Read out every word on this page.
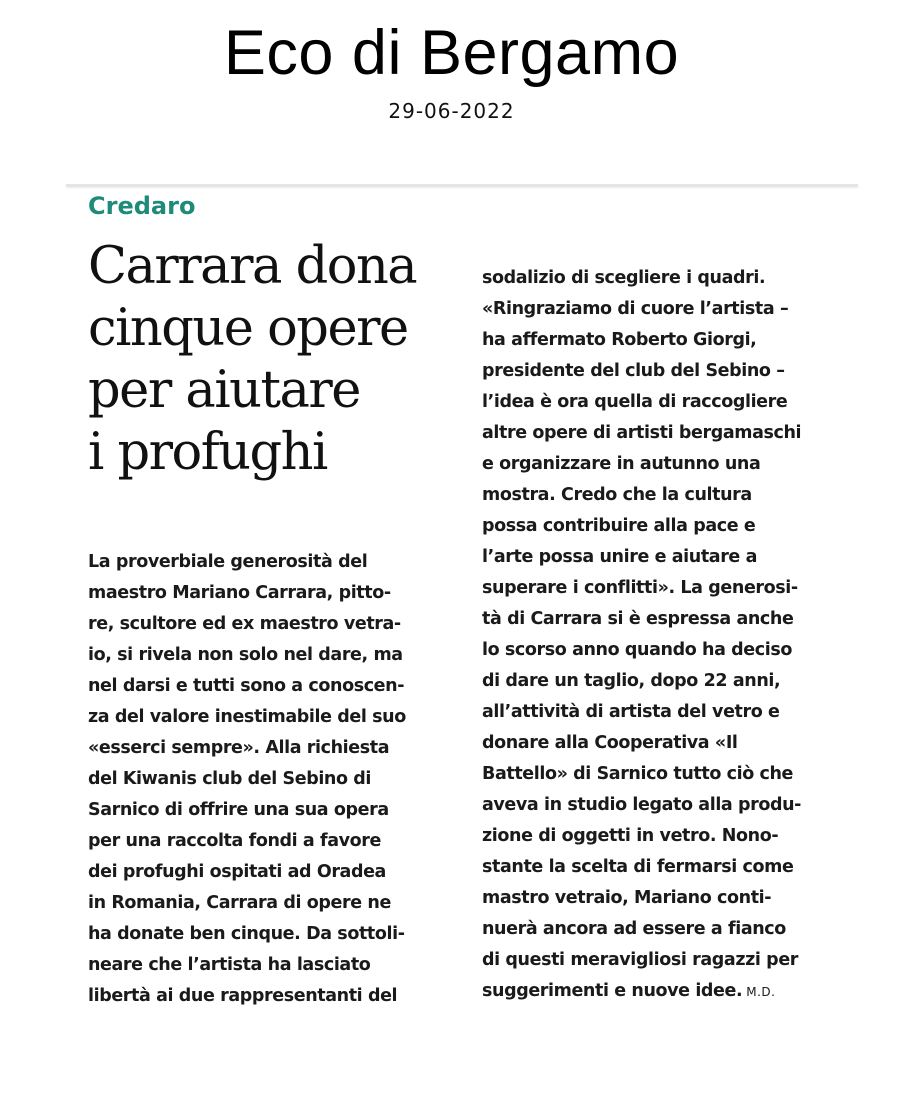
Eco di Bergamo
29-06-2022
Credaro
Carrara dona
cinque opere
per aiutare
i profughi
La proverbiale generosità del
maestro Mariano Carrara, pitto-
re, scultore ed ex maestro vetra-
io, si rivela non solo nel dare, ma
nel darsi e tutti sono a conoscen-
za del valore inestimabile del suo
«esserci sempre». Alla richiesta
del Kiwanis club del Sebino di
Sarnico di offrire una sua opera
per una raccolta fondi a favore
dei profughi ospitati ad Oradea
in Romania, Carrara di opere ne
ha donate ben cinque. Da sottoli-
neare che l’artista ha lasciato
libertà ai due rappresentanti del
sodalizio di scegliere i quadri.
«Ringraziamo di cuore l’artista –
ha affermato Roberto Giorgi,
presidente del club del Sebino –
l’idea è ora quella di raccogliere
altre opere di artisti bergamaschi
e organizzare in autunno una
mostra. Credo che la cultura
possa contribuire alla pace e
l’arte possa unire e aiutare a
superare i conflitti». La generosi-
tà di Carrara si è espressa anche
lo scorso anno quando ha deciso
di dare un taglio, dopo 22 anni,
all’attività di artista del vetro e
donare alla Cooperativa «Il
Battello» di Sarnico tutto ciò che
aveva in studio legato alla produ-
zione di oggetti in vetro. Nono-
stante la scelta di fermarsi come
mastro vetraio, Mariano conti-
nuerà ancora ad essere a fianco
di questi meravigliosi ragazzi per
suggerimenti e nuove idee. M.D.
